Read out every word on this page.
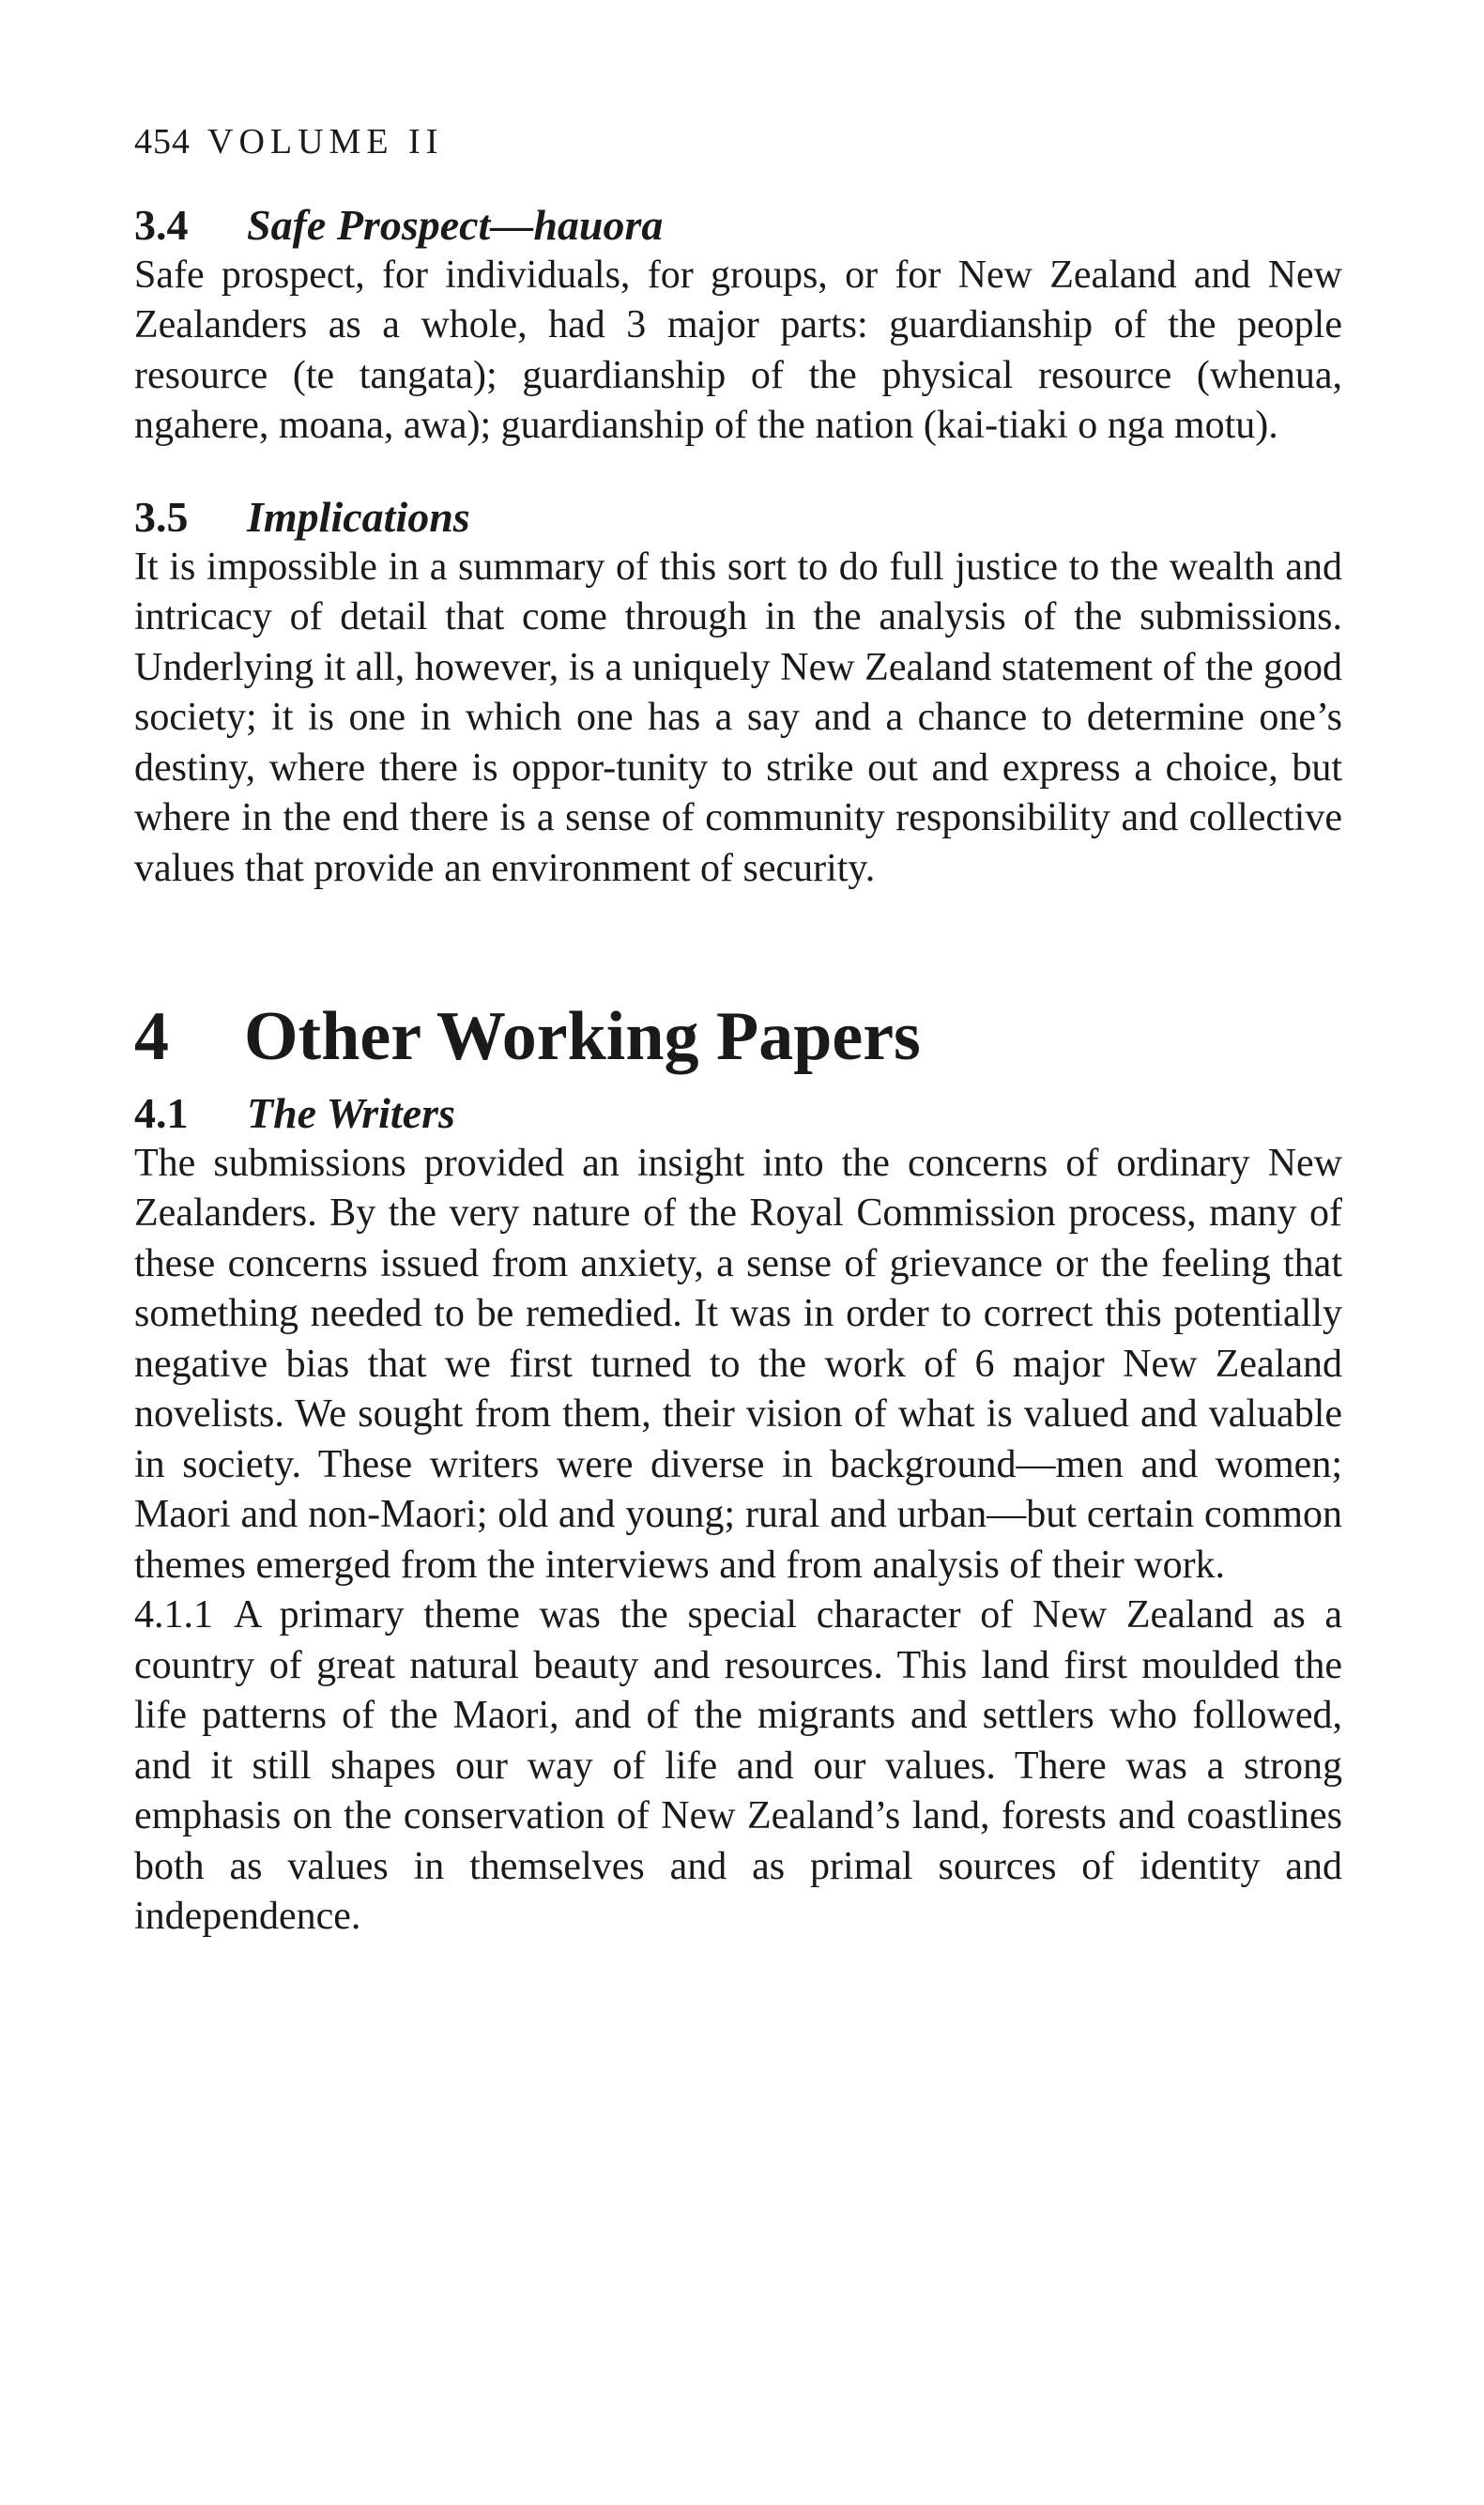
454 VOLUME II
3.4 Safe Prospect—hauora

Safe prospect, for individuals, for groups, or for New Zealand and New Zealanders as a whole, had 3 major parts: guardianship of the people resource (te tangata); guardianship of the physical resource (whenua, ngahere, moana, awa); guardianship of the nation (kai-tiaki o nga motu).

3.5 Implications

It is impossible in a summary of this sort to do full justice to the wealth and intricacy of detail that come through in the analysis of the submissions. Underlying it all, however, is a uniquely New Zealand statement of the good society; it is one in which one has a say and a chance to determine one’s destiny, where there is oppor-tunity to strike out and express a choice, but where in the end there is a sense of community responsibility and collective values that provide an environment of security.

4 Other Working Papers
4.1 The Writers

The submissions provided an insight into the concerns of ordinary New Zealanders. By the very nature of the Royal Commission process, many of these concerns issued from anxiety, a sense of grievance or the feeling that something needed to be remedied. It was in order to correct this potentially negative bias that we first turned to the work of 6 major New Zealand novelists. We sought from them, their vision of what is valued and valuable in society. These writers were diverse in background—men and women; Maori and non-Maori; old and young; rural and urban—but certain common themes emerged from the interviews and from analysis of their work.

4.1.1 A primary theme was the special character of New Zealand as a country of great natural beauty and resources. This land first moulded the life patterns of the Maori, and of the migrants and settlers who followed, and it still shapes our way of life and our values. There was a strong emphasis on the conservation of New Zealand’s land, forests and coastlines both as values in themselves and as primal sources of identity and independence.
